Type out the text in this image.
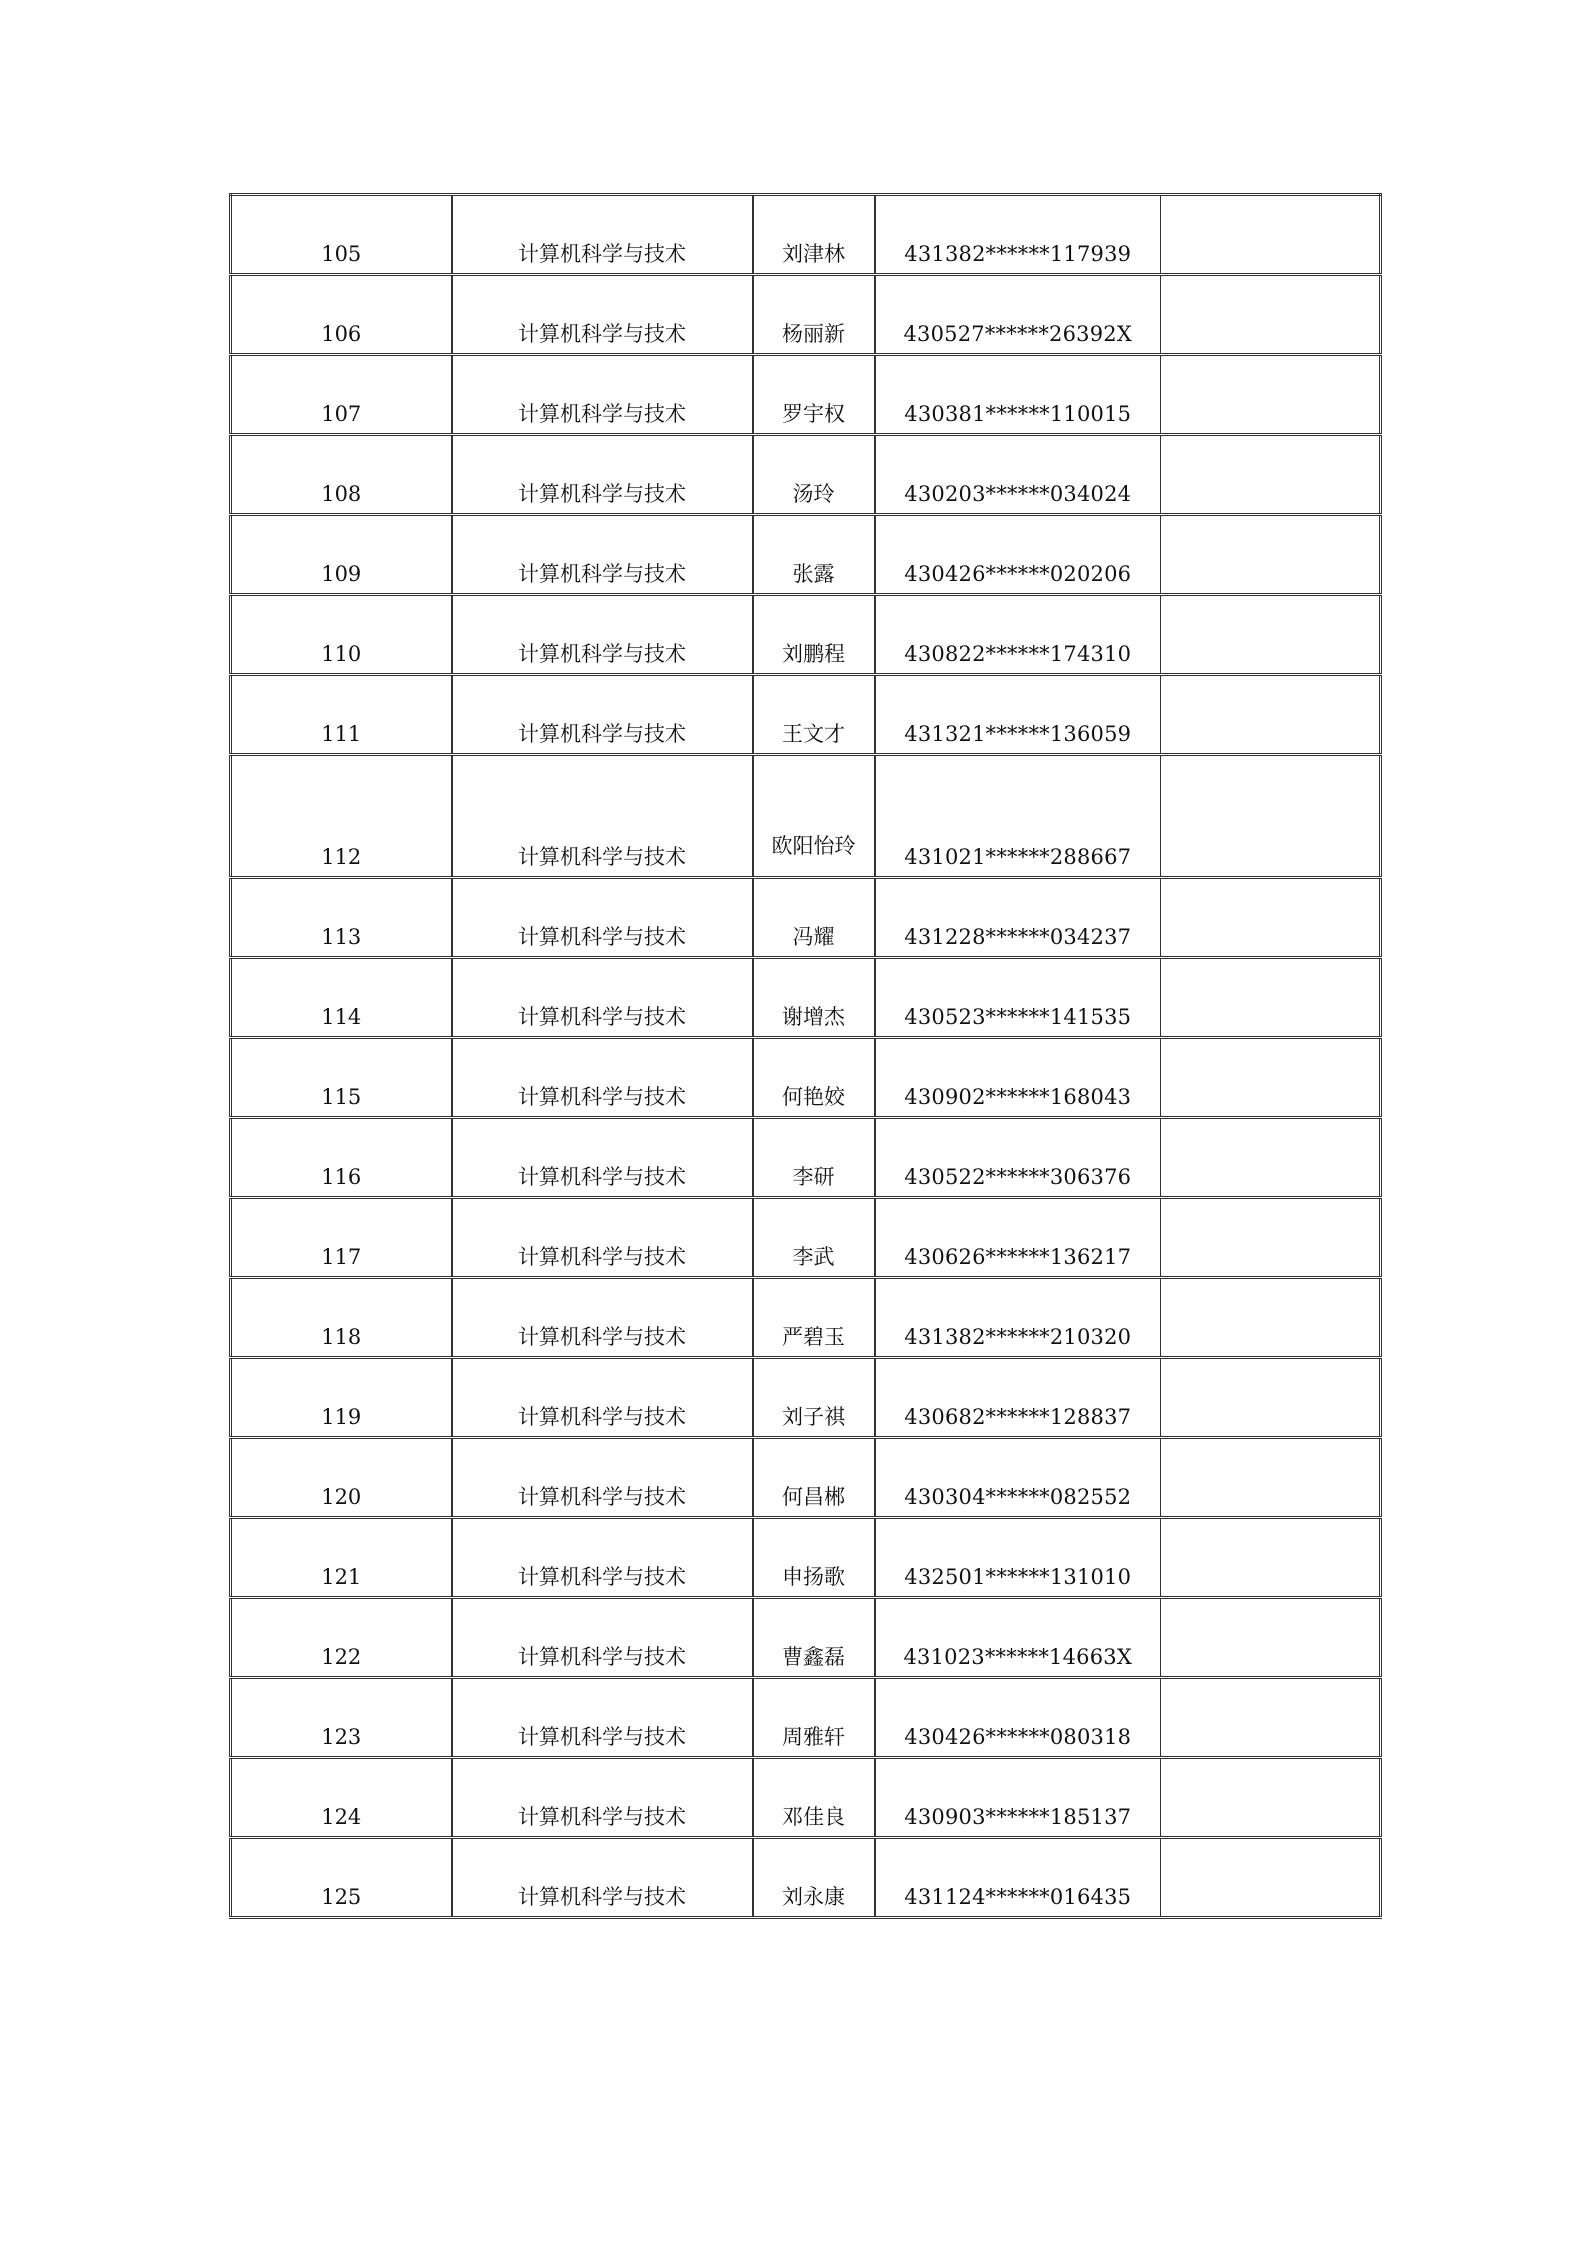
105	计算机科学与技术	刘津林	431382******117939	
106	计算机科学与技术	杨丽新	430527******26392X	
107	计算机科学与技术	罗宇权	430381******110015	
108	计算机科学与技术	汤玲	430203******034024	
109	计算机科学与技术	张露	430426******020206	
110	计算机科学与技术	刘鹏程	430822******174310	
111	计算机科学与技术	王文才	431321******136059	
112	计算机科学与技术	欧阳怡玲	431021******288667	
113	计算机科学与技术	冯耀	431228******034237	
114	计算机科学与技术	谢增杰	430523******141535	
115	计算机科学与技术	何艳姣	430902******168043	
116	计算机科学与技术	李研	430522******306376	
117	计算机科学与技术	李武	430626******136217	
118	计算机科学与技术	严碧玉	431382******210320	
119	计算机科学与技术	刘子祺	430682******128837	
120	计算机科学与技术	何昌郴	430304******082552	
121	计算机科学与技术	申扬歌	432501******131010	
122	计算机科学与技术	曹鑫磊	431023******14663X	
123	计算机科学与技术	周雅轩	430426******080318	
124	计算机科学与技术	邓佳良	430903******185137	
125	计算机科学与技术	刘永康	431124******016435	
